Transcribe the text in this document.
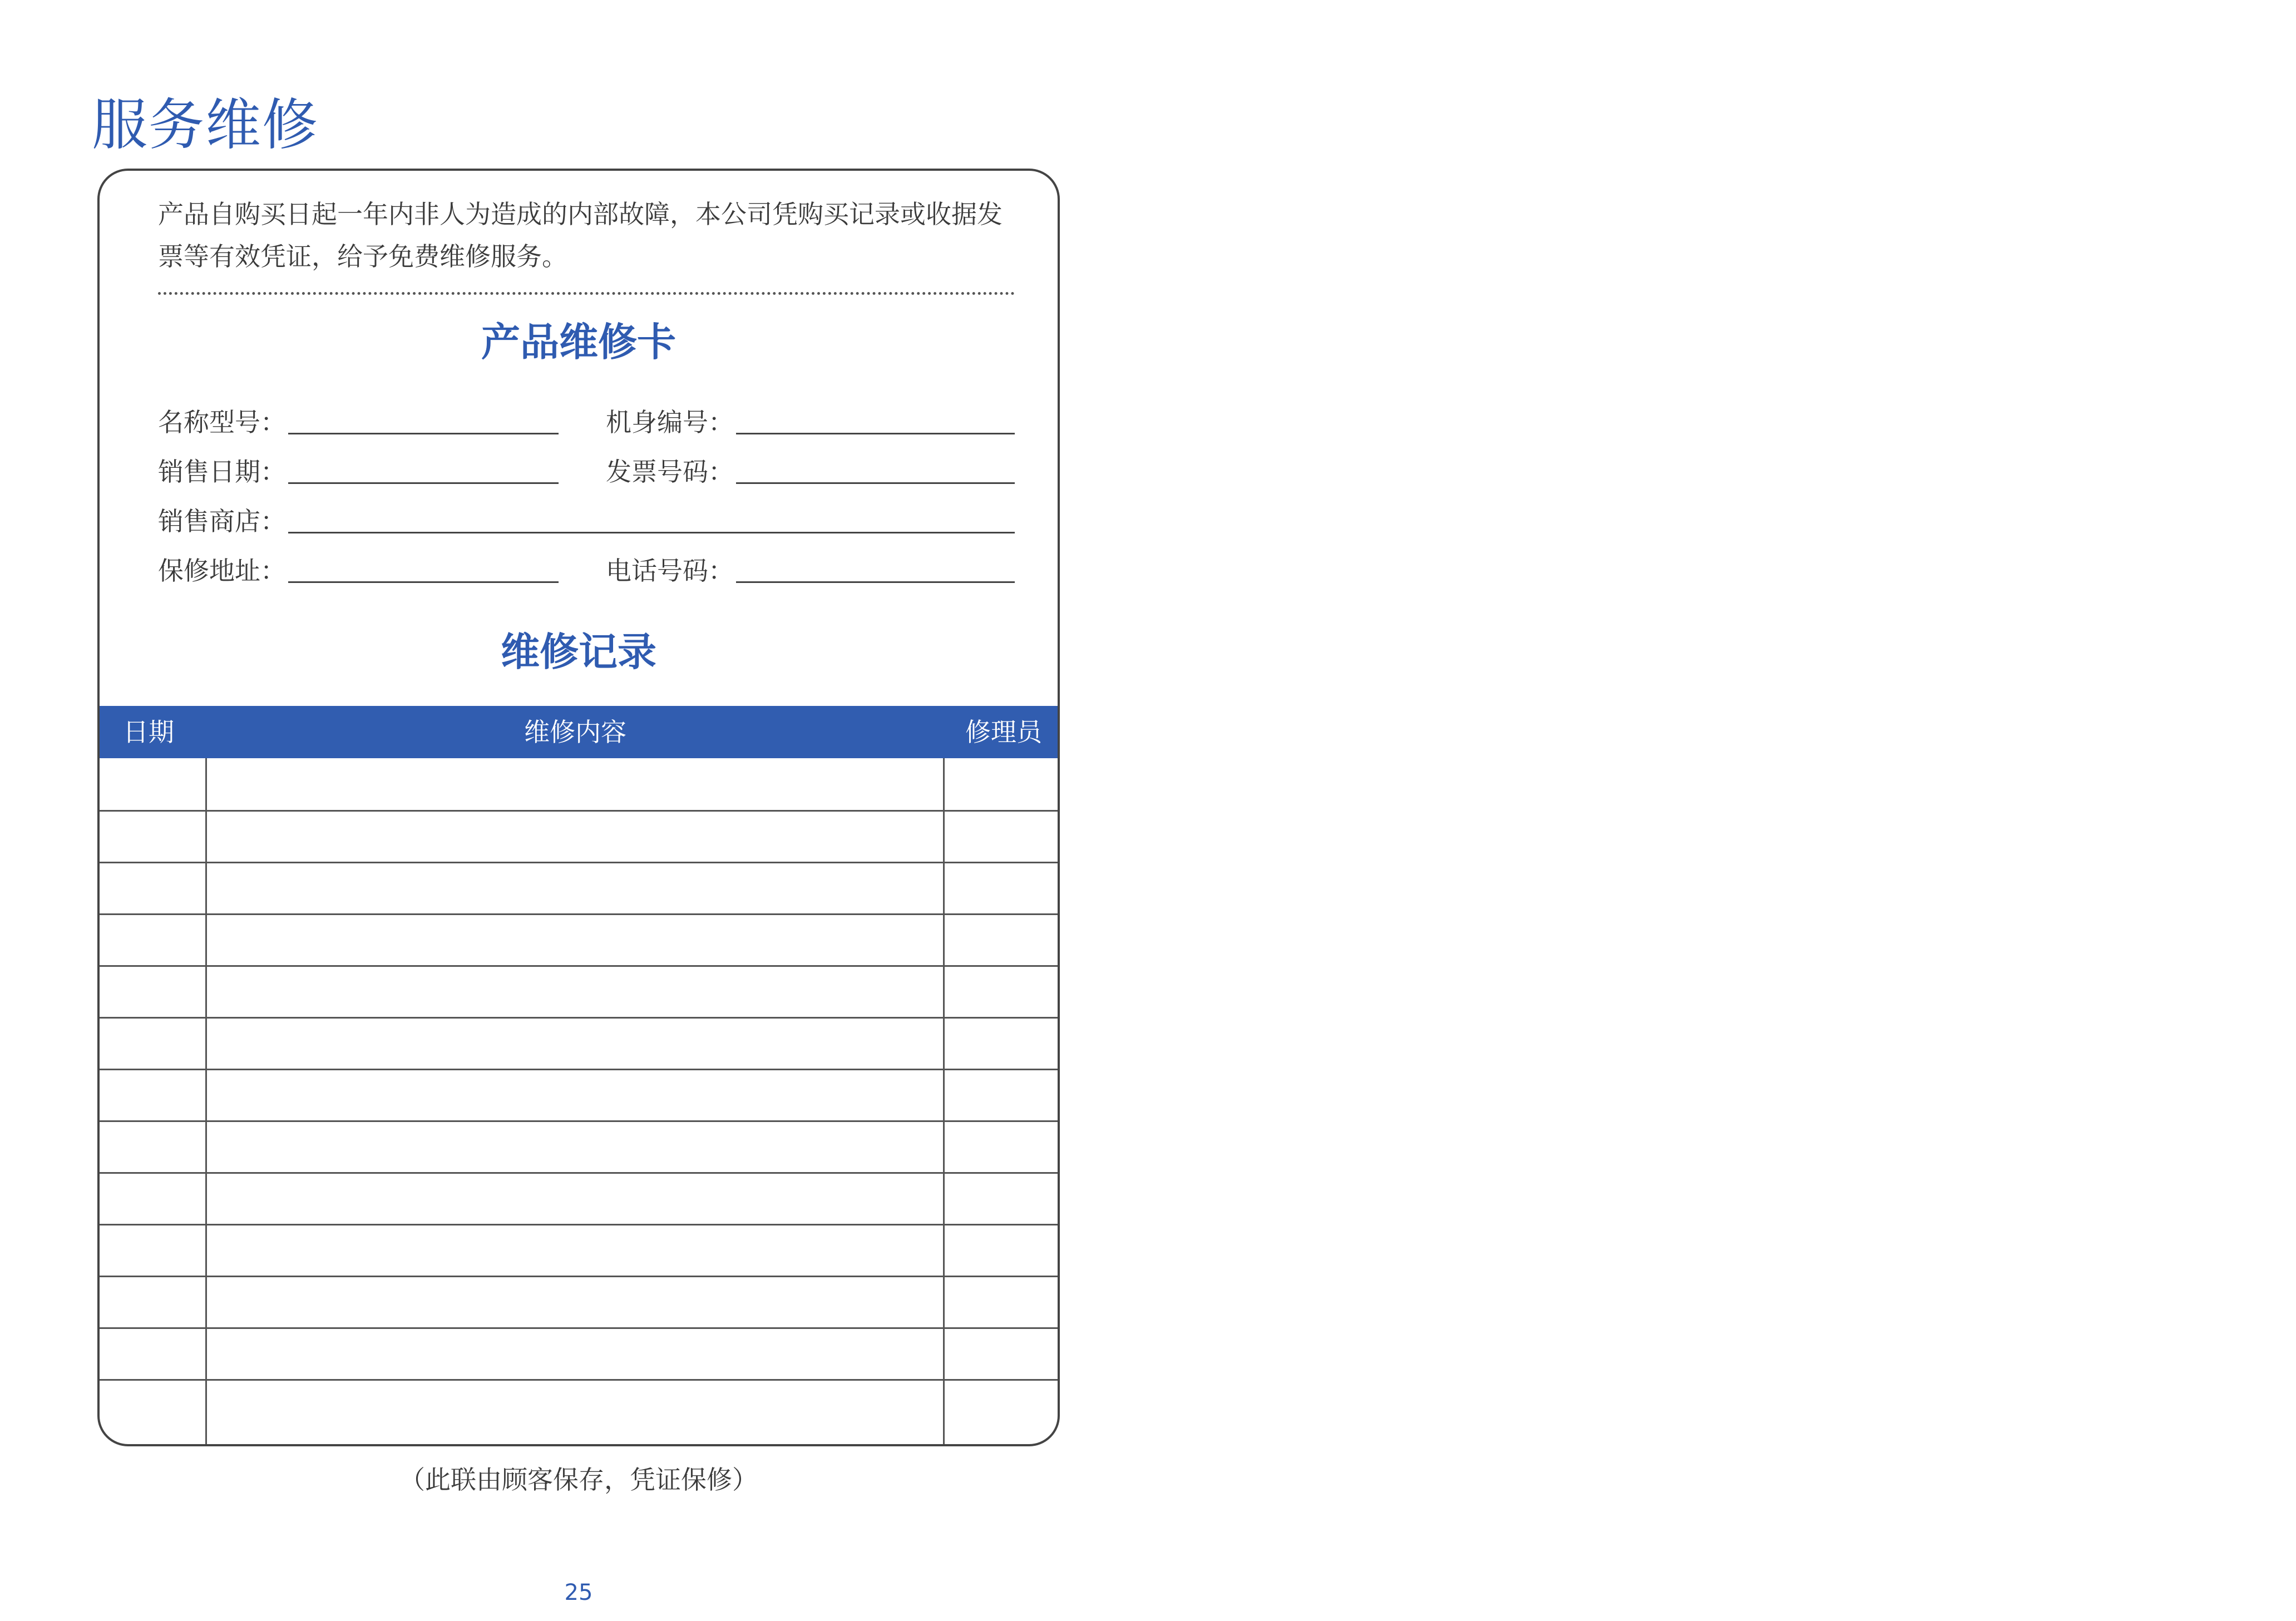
服务维修

产品自购买日起一年内非人为造成的内部故障，本公司凭购买记录或收据发票等有效凭证，给予免费维修服务。

产品维修卡
名称型号：	机身编号：
销售日期：	发票号码：
销售商店：
保修地址：	电话号码：
维修记录
日期	维修内容	修理员
（此联由顾客保存，凭证保修）
25
